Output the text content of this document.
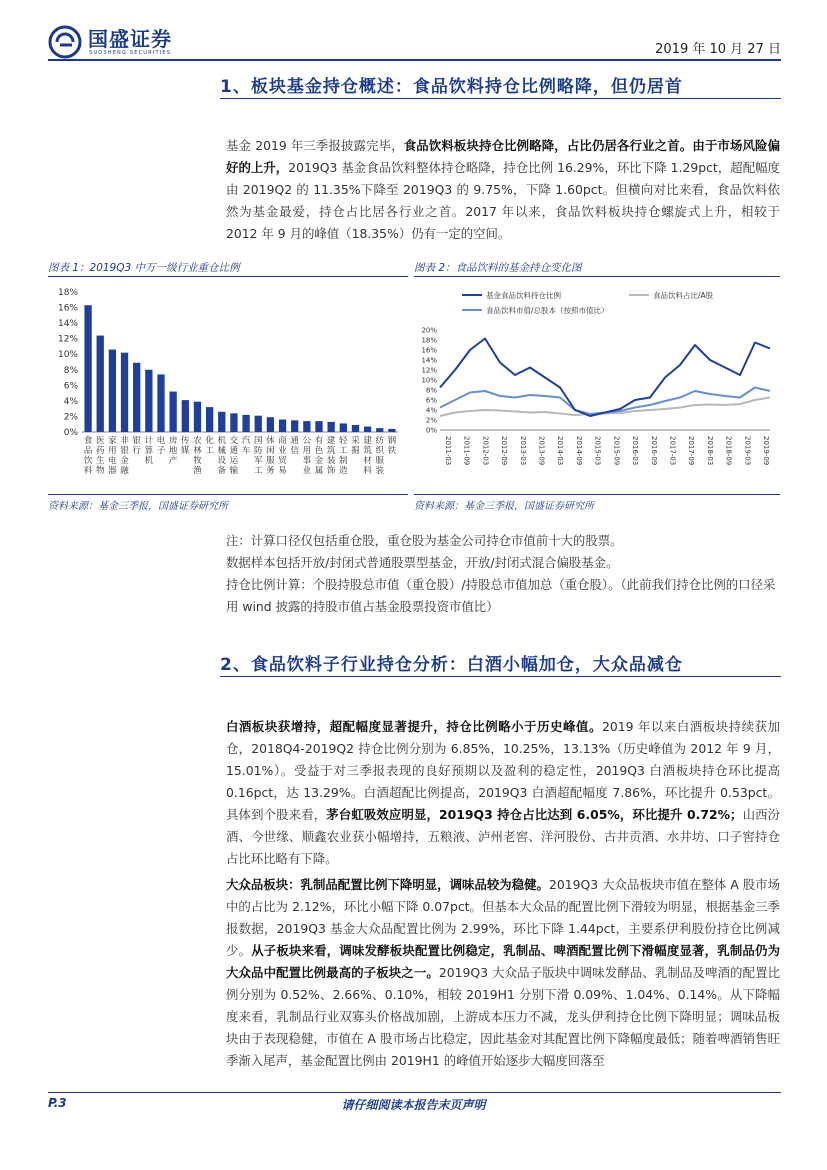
国盛证券
SUOSHENG SECURITIES	2019 年 10 月 27 日
1、板块基金持仓概述：食品饮料持仓比例略降，但仍居首
基金 2019 年三季报披露完毕，食品饮料板块持仓比例略降，占比仍居各行业之首。由于市场风险偏好的上升，2019Q3 基金食品饮料整体持仓略降，持仓比例 16.29%，环比下降 1.29pct，超配幅度由 2019Q2 的 11.35%下降至 2019Q3 的 9.75%，下降 1.60pct。但横向对比来看，食品饮料依然为基金最爱，持仓占比居各行业之首。2017 年以来，食品饮料板块持仓螺旋式上升，相较于 2012 年 9 月的峰值（18.35%）仍有一定的空间。
图表 1：2019Q3 中万一级行业重仓比例	图表 2：食品饮料的基金持仓变化图
0%
2%
4%
6%
8%
10%
12%
14%
16%
18%
食品饮料
医药生物
家用电器
非银金融
银行
计算机
电子
房地产
传媒
农林牧渔
化工
机械设备
交通运输
汽车
国防军工
休闲服务
商业贸易
通信
公用事业
有色金属
建筑装饰
轻工制造
采掘
建筑材料
纺织服装
钢铁
基金食品饮料持仓比例	食品饮料占比/A股
食品饮料市值/总股本（按照市值比）
0%
2%
4%
6%
8%
10%
12%
14%
16%
18%
20%
2011-03 2011-09 2012-03 2012-09 2013-03 2013-09 2014-03 2014-09 2015-03 2015-09 2016-03 2016-09 2017-03 2017-09 2018-03 2018-09 2019-03 2019-09
资料来源：基金三季报，国盛证券研究所	资料来源：基金三季报，国盛证券研究所
注：计算口径仅包括重仓股，重仓股为基金公司持仓市值前十大的股票。
数据样本包括开放/封闭式普通股票型基金，开放/封闭式混合偏股基金。
持仓比例计算：个股持股总市值（重仓股）/持股总市值加总（重仓股）。（此前我们持仓比例的口径采用 wind 披露的持股市值占基金股票投资市值比）
2、食品饮料子行业持仓分析：白酒小幅加仓，大众品减仓
白酒板块获增持，超配幅度显著提升，持仓比例略小于历史峰值。2019 年以来白酒板块持续获加仓，2018Q4-2019Q2 持仓比例分别为 6.85%，10.25%，13.13%（历史峰值为 2012 年 9 月，15.01%）。受益于对三季报表现的良好预期以及盈利的稳定性，2019Q3 白酒板块持仓环比提高 0.16pct，达 13.29%。白酒超配比例提高，2019Q3 白酒超配幅度 7.86%，环比提升 0.53pct。具体到个股来看，茅台虹吸效应明显，2019Q3 持仓占比达到 6.05%，环比提升 0.72%；山西汾酒、今世缘、顺鑫农业获小幅增持，五粮液、泸州老窖、洋河股份、古井贡酒、水井坊、口子窖持仓占比环比略有下降。
大众品板块：乳制品配置比例下降明显，调味品较为稳健。2019Q3 大众品板块市值在整体 A 股市场中的占比为 2.12%，环比小幅下降 0.07pct。但基本大众品的配置比例下滑较为明显，根据基金三季报数据，2019Q3 基金大众品配置比例为 2.99%，环比下降 1.44pct，主要系伊利股份持仓比例减少。从子板块来看，调味发酵板块配置比例稳定，乳制品、啤酒配置比例下滑幅度显著，乳制品仍为大众品中配置比例最高的子板块之一。2019Q3 大众品子版块中调味发酵品、乳制品及啤酒的配置比例分别为 0.52%、2.66%、0.10%，相较 2019H1 分别下滑 0.09%、1.04%、0.14%。从下降幅度来看，乳制品行业双寡头价格战加剧，上游成本压力不减，龙头伊利持仓比例下降明显；调味品板块由于表现稳健，市值在 A 股市场占比稳定，因此基金对其配置比例下降幅度最低；随着啤酒销售旺季渐入尾声，基金配置比例由 2019H1 的峰值开始逐步大幅度回落至
P.3	请仔细阅读本报告末页声明
